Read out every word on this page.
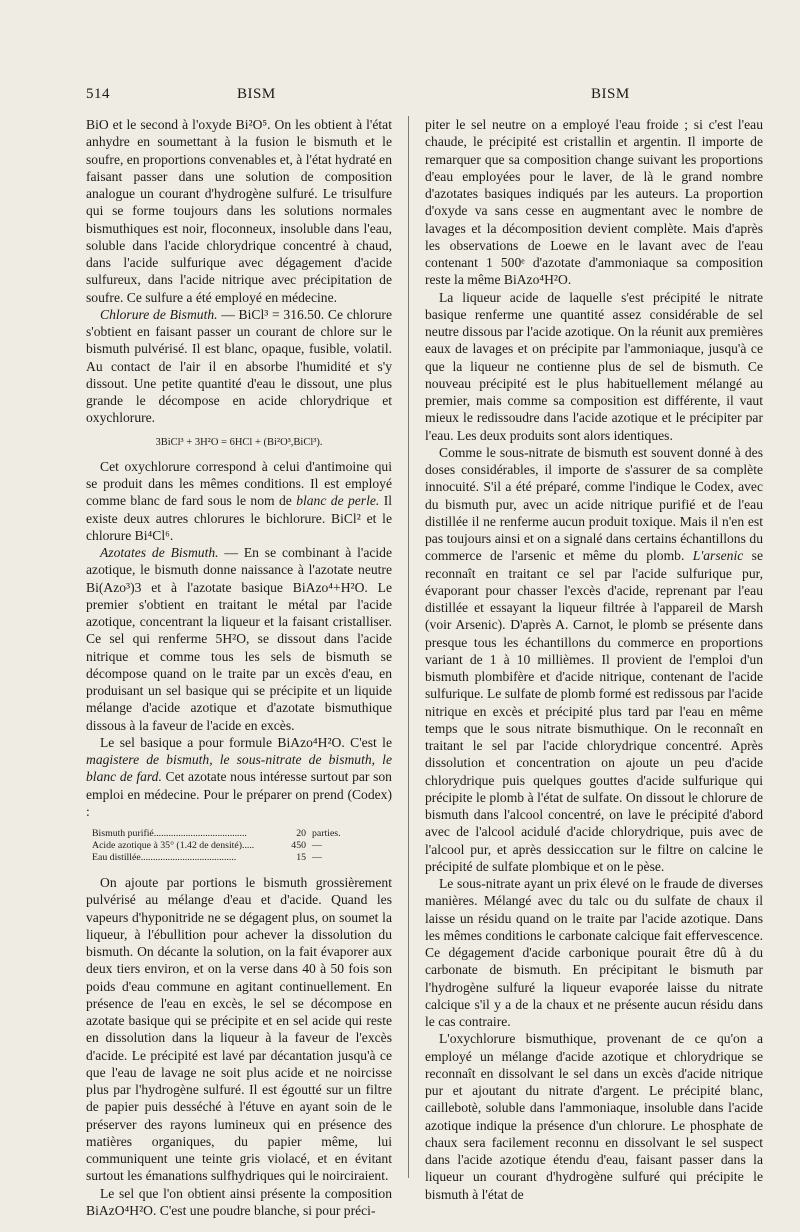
514	BISM	BISM

BiO et le second à l'oxyde Bi²O⁵. On les obtient à l'état anhydre en soumettant à la fusion le bismuth et le soufre, en proportions convenables et, à l'état hydraté en faisant passer dans une solution de composition analogue un courant d'hydrogène sulfuré. Le trisulfure qui se forme toujours dans les solutions normales bismuthiques est noir, floconneux, insoluble dans l'eau, soluble dans l'acide chlorydrique concentré à chaud, dans l'acide sulfurique avec dégagement d'acide sulfureux, dans l'acide nitrique avec précipitation de soufre. Ce sulfure a été employé en médecine.

Chlorure de Bismuth. — BiCl³ = 316.50. Ce chlorure s'obtient en faisant passer un courant de chlore sur le bismuth pulvérisé. Il est blanc, opaque, fusible, volatil. Au contact de l'air il en absorbe l'humidité et s'y dissout. Une petite quantité d'eau le dissout, une plus grande le décompose en acide chlorydrique et oxychlorure.

3BiCl³ + 3H²O = 6HCl + (Bi²O³,BiCl³).

Cet oxychlorure correspond à celui d'antimoine qui se produit dans les mêmes conditions. Il est employé comme blanc de fard sous le nom de blanc de perle. Il existe deux autres chlorures le bichlorure. BiCl² et le chlorure Bi⁴Cl⁶.

Azotates de Bismuth. — En se combinant à l'acide azotique, le bismuth donne naissance à l'azotate neutre Bi(Azo³)3 et à l'azotate basique BiAzo⁴+H²O. Le premier s'obtient en traitant le métal par l'acide azotique, concentrant la liqueur et la faisant cristalliser. Ce sel qui renferme 5H²O, se dissout dans l'acide nitrique et comme tous les sels de bismuth se décompose quand on le traite par un excès d'eau, en produisant un sel basique qui se précipite et un liquide mélange d'acide azotique et d'azotate bismuthique dissous à la faveur de l'acide en excès.

Le sel basique a pour formule BiAzo⁴H²O. C'est le magistere de bismuth, le sous-nitrate de bismuth, le blanc de fard. Cet azotate nous intéresse surtout par son emploi en médecine. Pour le préparer on prend (Codex) :

Bismuth purifié......................................	20	parties.
Acide azotique à 35° (1.42 de densité).....	450	—
Eau distillée.......................................	15	—

On ajoute par portions le bismuth grossièrement pulvérisé au mélange d'eau et d'acide. Quand les vapeurs d'hyponitride ne se dégagent plus, on soumet la liqueur, à l'ébullition pour achever la dissolution du bismuth. On décante la solution, on la fait évaporer aux deux tiers environ, et on la verse dans 40 à 50 fois son poids d'eau commune en agitant continuellement. En présence de l'eau en excès, le sel se décompose en azotate basique qui se précipite et en sel acide qui reste en dissolution dans la liqueur à la faveur de l'excès d'acide. Le précipité est lavé par décantation jusqu'à ce que l'eau de lavage ne soit plus acide et ne noircisse plus par l'hydrogène sulfuré. Il est égoutté sur un filtre de papier puis desséché à l'étuve en ayant soin de le préserver des rayons lumineux qui en présence des matières organiques, du papier même, lui communiquent une teinte gris violacé, et en évitant surtout les émanations sulfhydriques qui le noirciraient.

Le sel que l'on obtient ainsi présente la composition BiAzO⁴H²O. C'est une poudre blanche, si pour préci-

piter le sel neutre on a employé l'eau froide ; si c'est l'eau chaude, le précipité est cristallin et argentin. Il importe de remarquer que sa composition change suivant les proportions d'eau employées pour le laver, de là le grand nombre d'azotates basiques indiqués par les auteurs. La proportion d'oxyde va sans cesse en augmentant avec le nombre de lavages et la décomposition devient complète. Mais d'après les observations de Loewe en le lavant avec de l'eau contenant 1 500ᵉ d'azotate d'ammoniaque sa composition reste la même BiAzo⁴H²O.

La liqueur acide de laquelle s'est précipité le nitrate basique renferme une quantité assez considérable de sel neutre dissous par l'acide azotique. On la réunit aux premières eaux de lavages et on précipite par l'ammoniaque, jusqu'à ce que la liqueur ne contienne plus de sel de bismuth. Ce nouveau précipité est le plus habituellement mélangé au premier, mais comme sa composition est différente, il vaut mieux le redissoudre dans l'acide azotique et le précipiter par l'eau. Les deux produits sont alors identiques.

Comme le sous-nitrate de bismuth est souvent donné à des doses considérables, il importe de s'assurer de sa complète innocuité. S'il a été préparé, comme l'indique le Codex, avec du bismuth pur, avec un acide nitrique purifié et de l'eau distillée il ne renferme aucun produit toxique. Mais il n'en est pas toujours ainsi et on a signalé dans certains échantillons du commerce de l'arsenic et même du plomb. L'arsenic se reconnaît en traitant ce sel par l'acide sulfurique pur, évaporant pour chasser l'excès d'acide, reprenant par l'eau distillée et essayant la liqueur filtrée à l'appareil de Marsh (voir Arsenic). D'après A. Carnot, le plomb se présente dans presque tous les échantillons du commerce en proportions variant de 1 à 10 millièmes. Il provient de l'emploi d'un bismuth plombifère et d'acide nitrique, contenant de l'acide sulfurique. Le sulfate de plomb formé est redissous par l'acide nitrique en excès et précipité plus tard par l'eau en même temps que le sous nitrate bismuthique. On le reconnaît en traitant le sel par l'acide chlorydrique concentré. Après dissolution et concentration on ajoute un peu d'acide chlorydrique puis quelques gouttes d'acide sulfurique qui précipite le plomb à l'état de sulfate. On dissout le chlorure de bismuth dans l'alcool concentré, on lave le précipité d'abord avec de l'alcool acidulé d'acide chlorydrique, puis avec de l'alcool pur, et après dessiccation sur le filtre on calcine le précipité de sulfate plombique et on le pèse.

Le sous-nitrate ayant un prix élevé on le fraude de diverses manières. Mélangé avec du talc ou du sulfate de chaux il laisse un résidu quand on le traite par l'acide azotique. Dans les mêmes conditions le carbonate calcique fait effervescence. Ce dégagement d'acide carbonique pourait être dû à du carbonate de bismuth. En précipitant le bismuth par l'hydrogène sulfuré la liqueur evaporée laisse du nitrate calcique s'il y a de la chaux et ne présente aucun résidu dans le cas contraire.

L'oxychlorure bismuthique, provenant de ce qu'on a employé un mélange d'acide azotique et chlorydrique se reconnaît en dissolvant le sel dans un excès d'acide nitrique pur et ajoutant du nitrate d'argent. Le précipité blanc, caillebotè, soluble dans l'ammoniaque, insoluble dans l'acide azotique indique la présence d'un chlorure. Le phosphate de chaux sera facilement reconnu en dissolvant le sel suspect dans l'acide azotique étendu d'eau, faisant passer dans la liqueur un courant d'hydrogène sulfuré qui précipite le bismuth à l'état de
